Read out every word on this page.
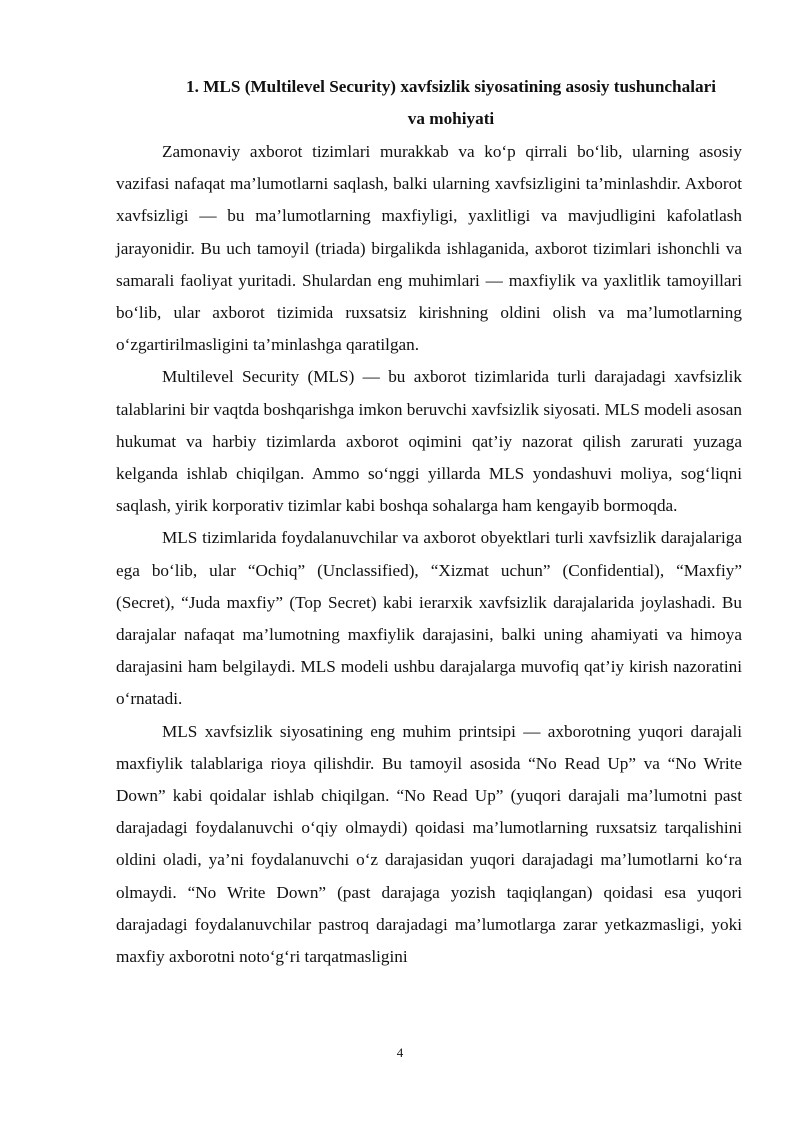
1. MLS (Multilevel Security) xavfsizlik siyosatining asosiy tushunchalari
va mohiyati

Zamonaviy axborot tizimlari murakkab va ko‘p qirrali bo‘lib, ularning asosiy vazifasi nafaqat ma’lumotlarni saqlash, balki ularning xavfsizligini ta’minlashdir. Axborot xavfsizligi — bu ma’lumotlarning maxfiyligi, yaxlitligi va mavjudligini kafolatlash jarayonidir. Bu uch tamoyil (triada) birgalikda ishlaganida, axborot tizimlari ishonchli va samarali faoliyat yuritadi. Shulardan eng muhimlari — maxfiylik va yaxlitlik tamoyillari bo‘lib, ular axborot tizimida ruxsatsiz kirishning oldini olish va ma’lumotlarning o‘zgartirilmasligini ta’minlashga qaratilgan.

Multilevel Security (MLS) — bu axborot tizimlarida turli darajadagi xavfsizlik talablarini bir vaqtda boshqarishga imkon beruvchi xavfsizlik siyosati. MLS modeli asosan hukumat va harbiy tizimlarda axborot oqimini qat’iy nazorat qilish zarurati yuzaga kelganda ishlab chiqilgan. Ammo so‘nggi yillarda MLS yondashuvi moliya, sog‘liqni saqlash, yirik korporativ tizimlar kabi boshqa sohalarga ham kengayib bormoqda.

MLS tizimlarida foydalanuvchilar va axborot obyektlari turli xavfsizlik darajalariga ega bo‘lib, ular “Ochiq” (Unclassified), “Xizmat uchun” (Confidential), “Maxfiy” (Secret), “Juda maxfiy” (Top Secret) kabi ierarxik xavfsizlik darajalarida joylashadi. Bu darajalar nafaqat ma’lumotning maxfiylik darajasini, balki uning ahamiyati va himoya darajasini ham belgilaydi. MLS modeli ushbu darajalarga muvofiq qat’iy kirish nazoratini o‘rnatadi.

MLS xavfsizlik siyosatining eng muhim printsipi — axborotning yuqori darajali maxfiylik talablariga rioya qilishdir. Bu tamoyil asosida “No Read Up” va “No Write Down” kabi qoidalar ishlab chiqilgan. “No Read Up” (yuqori darajali ma’lumotni past darajadagi foydalanuvchi o‘qiy olmaydi) qoidasi ma’lumotlarning ruxsatsiz tarqalishini oldini oladi, ya’ni foydalanuvchi o‘z darajasidan yuqori darajadagi ma’lumotlarni ko‘ra olmaydi. “No Write Down” (past darajaga yozish taqiqlangan) qoidasi esa yuqori darajadagi foydalanuvchilar pastroq darajadagi ma’lumotlarga zarar yetkazmasligi, yoki maxfiy axborotni noto‘g‘ri tarqatmasligini

4
